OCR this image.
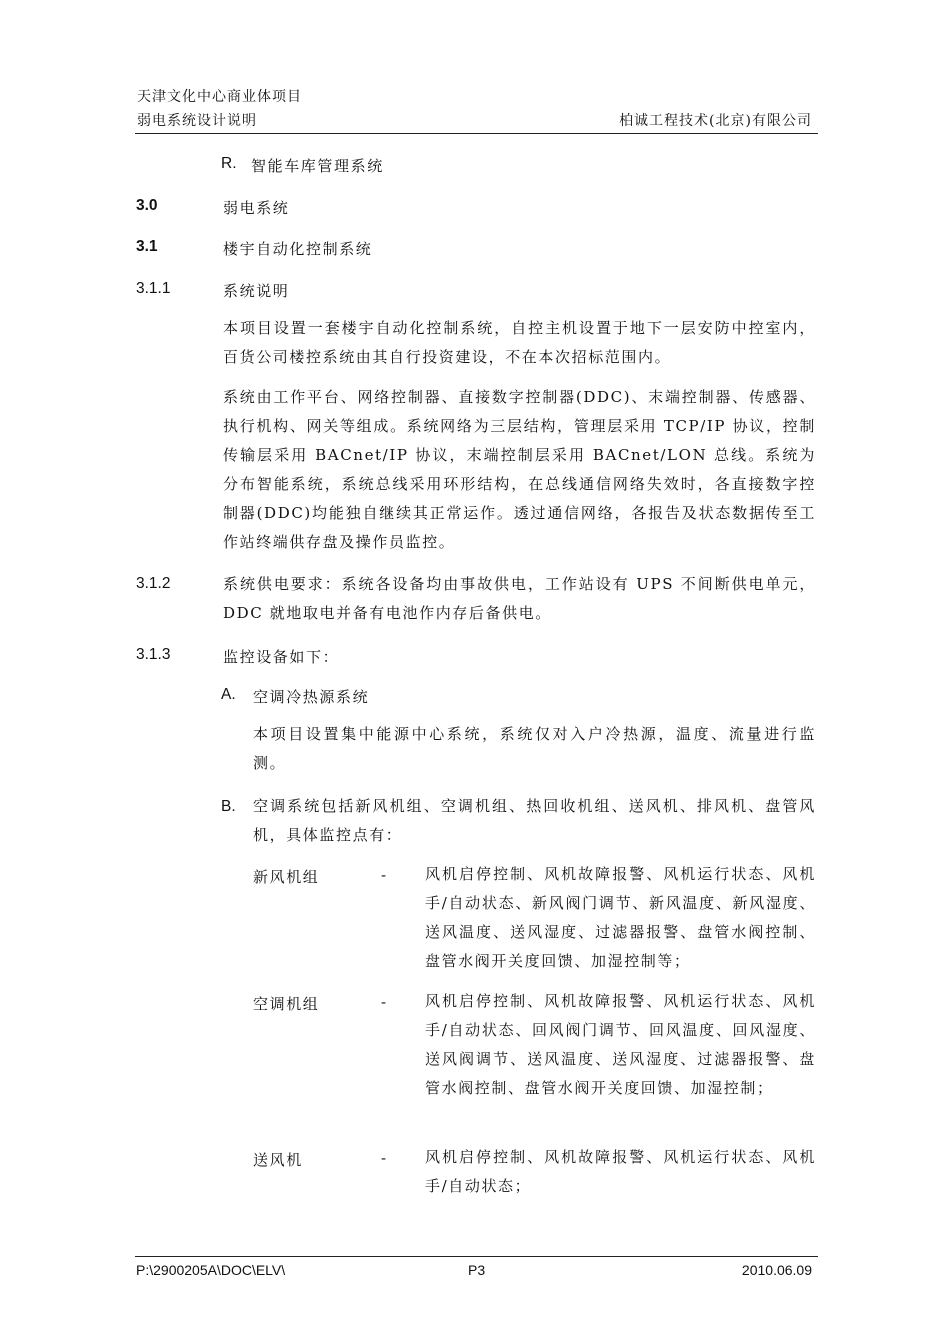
天津文化中心商业体项目
弱电系统设计说明	柏诚工程技术(北京)有限公司
R. 智能车库管理系统
3.0	弱电系统
3.1	楼宇自动化控制系统
3.1.1	系统说明
本项目设置一套楼宇自动化控制系统，自控主机设置于地下一层安防中控室内，百货公司楼控系统由其自行投资建设，不在本次招标范围内。
系统由工作平台、网络控制器、直接数字控制器(DDC)、末端控制器、传感器、执行机构、网关等组成。系统网络为三层结构，管理层采用 TCP/IP 协议，控制传输层采用 BACnet/IP 协议，末端控制层采用 BACnet/LON 总线。系统为分布智能系统，系统总线采用环形结构，在总线通信网络失效时，各直接数字控制器(DDC)均能独自继续其正常运作。透过通信网络，各报告及状态数据传至工作站终端供存盘及操作员监控。
3.1.2	系统供电要求：系统各设备均由事故供电，工作站设有 UPS 不间断供电单元，DDC 就地取电并备有电池作内存后备供电。
3.1.3	监控设备如下：
A. 空调冷热源系统
本项目设置集中能源中心系统，系统仅对入户冷热源，温度、流量进行监测。
B. 空调系统包括新风机组、空调机组、热回收机组、送风机、排风机、盘管风机，具体监控点有：
新风机组	- 风机启停控制、风机故障报警、风机运行状态、风机手/自动状态、新风阀门调节、新风温度、新风湿度、送风温度、送风湿度、过滤器报警、盘管水阀控制、盘管水阀开关度回馈、加湿控制等；
空调机组	- 风机启停控制、风机故障报警、风机运行状态、风机手/自动状态、回风阀门调节、回风温度、回风湿度、送风阀调节、送风温度、送风湿度、过滤器报警、盘管水阀控制、盘管水阀开关度回馈、加湿控制；
送风机	- 风机启停控制、风机故障报警、风机运行状态、风机手/自动状态；
P:\2900205A\DOC\ELV\	P3	2010.06.09
